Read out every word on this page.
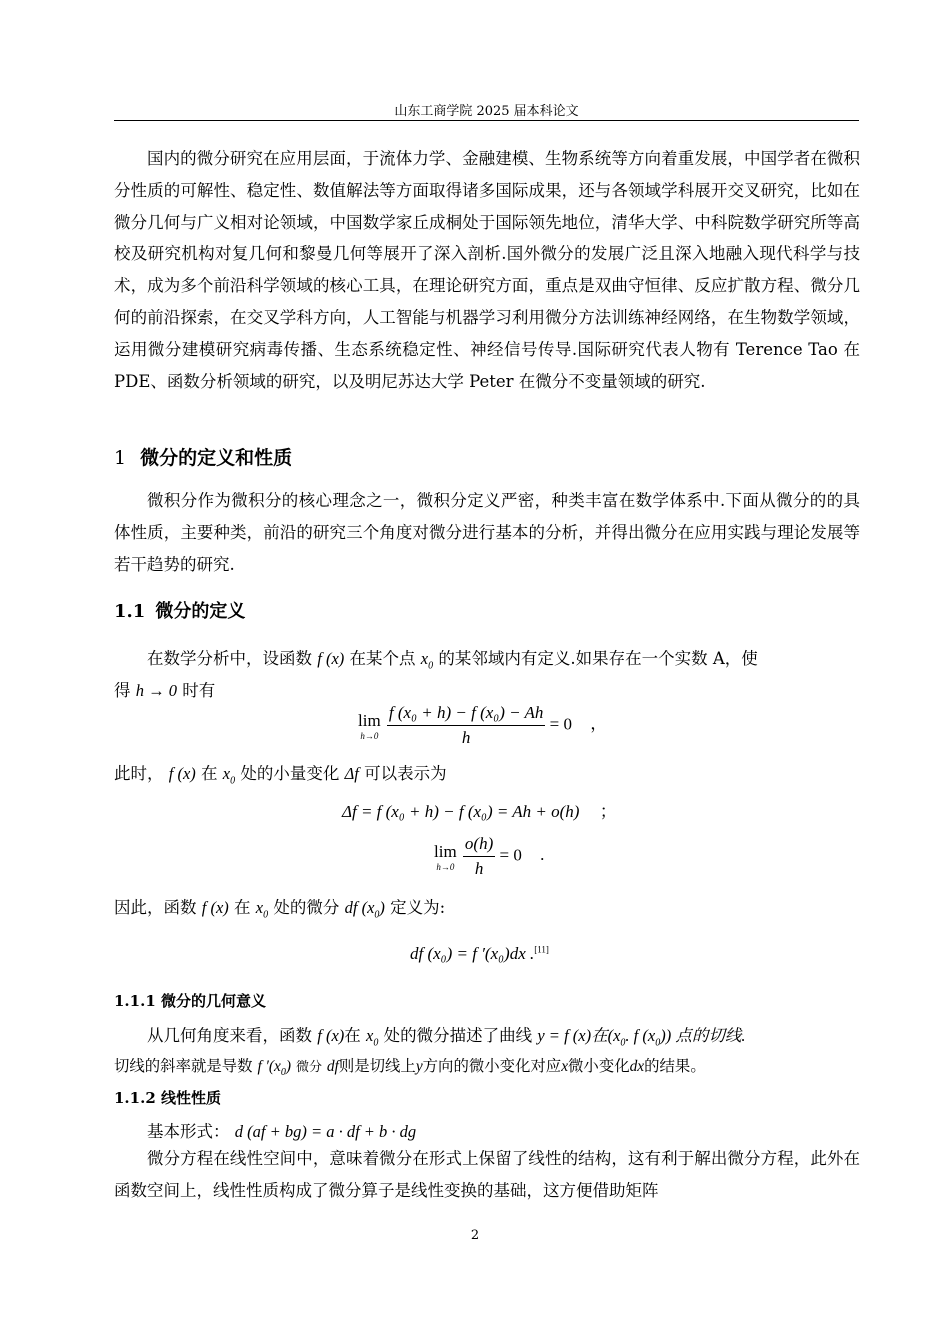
山东工商学院 2025 届本科论文

国内的微分研究在应用层面，于流体力学、金融建模、生物系统等方向着重发展，中国学者在微积分性质的可解性、稳定性、数值解法等方面取得诸多国际成果，还与各领域学科展开交叉研究，比如在微分几何与广义相对论领域，中国数学家丘成桐处于国际领先地位，清华大学、中科院数学研究所等高校及研究机构对复几何和黎曼几何等展开了深入剖析.国外微分的发展广泛且深入地融入现代科学与技术，成为多个前沿科学领域的核心工具，在理论研究方面，重点是双曲守恒律、反应扩散方程、微分几何的前沿探索，在交叉学科方向，人工智能与机器学习利用微分方法训练神经网络，在生物数学领域，运用微分建模研究病毒传播、生态系统稳定性、神经信号传导.国际研究代表人物有 Terence Tao 在 PDE、函数分析领域的研究，以及明尼苏达大学 Peter 在微分不变量领域的研究.

1 微分的定义和性质

微积分作为微积分的核心理念之一，微积分定义严密，种类丰富在数学体系中.下面从微分的的具体性质，主要种类，前沿的研究三个角度对微分进行基本的分析，并得出微分在应用实践与理论发展等若干趋势的研究.

1.1 微分的定义
在数学分析中，设函数 f (x) 在某个点 $x_0$ 的某邻域内有定义.如果存在一个实数 A，使
得 h → 0 时有
lim
h→0
$\frac{\text{f (x₀ + h) − f (x₀) − Ah}}{h} = 0$ ，
此时， f (x) 在 $x_0$ 处的小量变化 Δf 可以表示为
Δf = f (x₀ + h) − f (x₀) = Ah + o(h) ；
lim
h→0
$\frac{o(h)}{h} = 0$ .
因此，函数 f (x) 在 $x_0$ 处的微分 df $(x_0)$ 定义为:
df (x₀) = f ′(x₀)dx .[11]
1.1.1 微分的几何意义
从几何角度来看，函数 f (x)在 $x_0$ 处的微分描述了曲线 y = f (x)在($x_0$. f $(x_0)$) 点的切线.
切线的斜率就是导数 f $'(x_0)$ 微分 df则是切线上y方向的微小变化对应x微小变化dx的结果。
1.1.2 线性性质
基本形式： d (af + bg) = a · df + b · dg

微分方程在线性空间中，意味着微分在形式上保留了线性的结构，这有利于解出微分方程，此外在函数空间上，线性性质构成了微分算子是线性变换的基础，这方便借助矩阵

2
